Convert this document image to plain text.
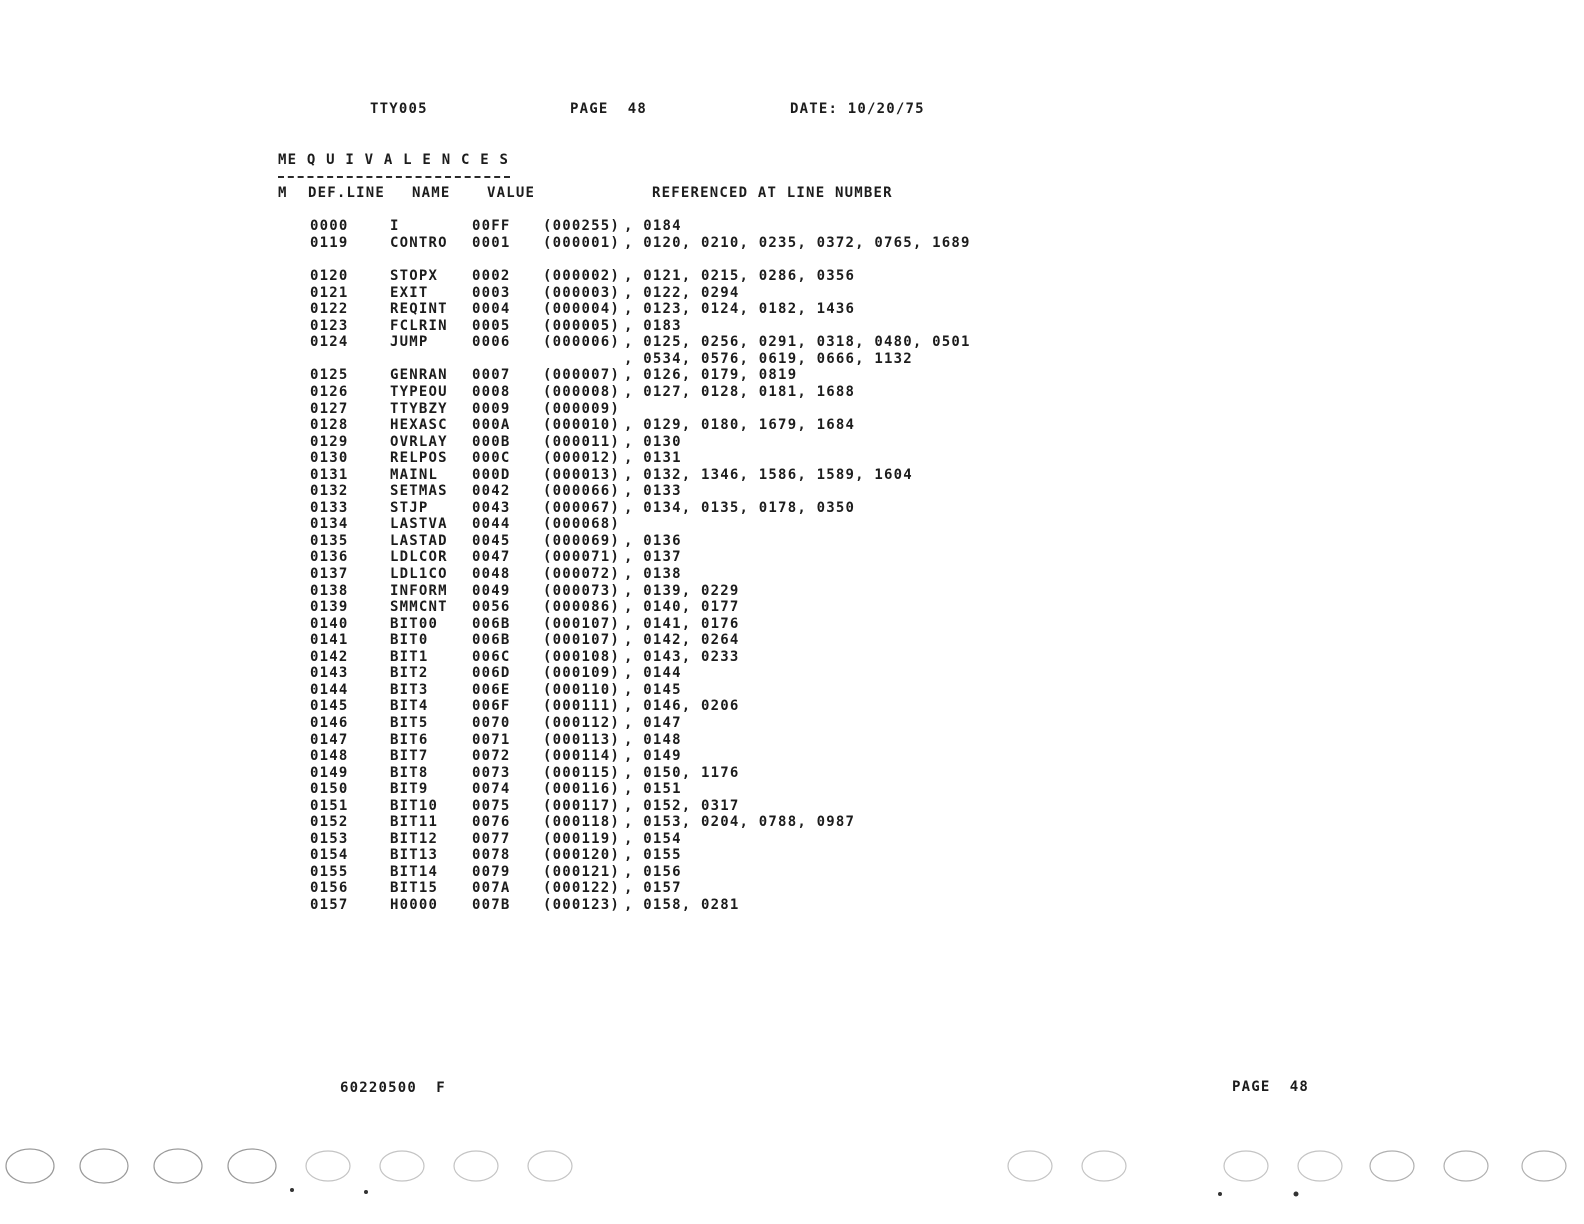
TTY005	PAGE  48	DATE: 10/20/75
ME Q U I V A L E N C E S
M DEF.LINE NAME	VALUE	REFERENCED AT LINE NUMBER
0000	I	00FF (000255) , 0184
0119	CONTRO 0001 (000001) , 0120, 0210, 0235, 0372, 0765, 1689
0120	STOPX 0002 (000002) , 0121, 0215, 0286, 0356
0121	EXIT	0003 (000003) , 0122, 0294
0122	REQINT 0004 (000004) , 0123, 0124, 0182, 1436
0123	FCLRIN 0005 (000005) , 0183
0124	JUMP	0006 (000006) , 0125, 0256, 0291, 0318, 0480, 0501
, 0534, 0576, 0619, 0666, 1132
0125	GENRAN 0007 (000007) , 0126, 0179, 0819
0126	TYPEOU 0008 (000008) , 0127, 0128, 0181, 1688
0127	TTYBZY 0009 (000009)
0128	HEXASC 000A (000010) , 0129, 0180, 1679, 1684
0129	OVRLAY 000B (000011) , 0130
0130	RELPOS 000C (000012) , 0131
0131	MAINL 000D (000013) , 0132, 1346, 1586, 1589, 1604
0132	SETMAS 0042 (000066) , 0133
0133	STJP	0043 (000067) , 0134, 0135, 0178, 0350
0134	LASTVA 0044 (000068)
0135	LASTAD 0045 (000069) , 0136
0136	LDLCOR 0047 (000071) , 0137
0137	LDL1CO 0048 (000072) , 0138
0138	INFORM 0049 (000073) , 0139, 0229
0139	SMMCNT 0056 (000086) , 0140, 0177
0140	BIT00 006B (000107) , 0141, 0176
0141	BIT0	006B (000107) , 0142, 0264
0142	BIT1	006C (000108) , 0143, 0233
0143	BIT2	006D (000109) , 0144
0144	BIT3	006E (000110) , 0145
0145	BIT4	006F (000111) , 0146, 0206
0146	BIT5	0070 (000112) , 0147
0147	BIT6	0071 (000113) , 0148
0148	BIT7	0072 (000114) , 0149
0149	BIT8	0073 (000115) , 0150, 1176
0150	BIT9	0074 (000116) , 0151
0151	BIT10 0075 (000117) , 0152, 0317
0152	BIT11 0076 (000118) , 0153, 0204, 0788, 0987
0153	BIT12 0077 (000119) , 0154
0154	BIT13 0078 (000120) , 0155
0155	BIT14 0079 (000121) , 0156
0156	BIT15 007A (000122) , 0157
0157	H0000 007B (000123) , 0158, 0281
60220500  F	PAGE  48
